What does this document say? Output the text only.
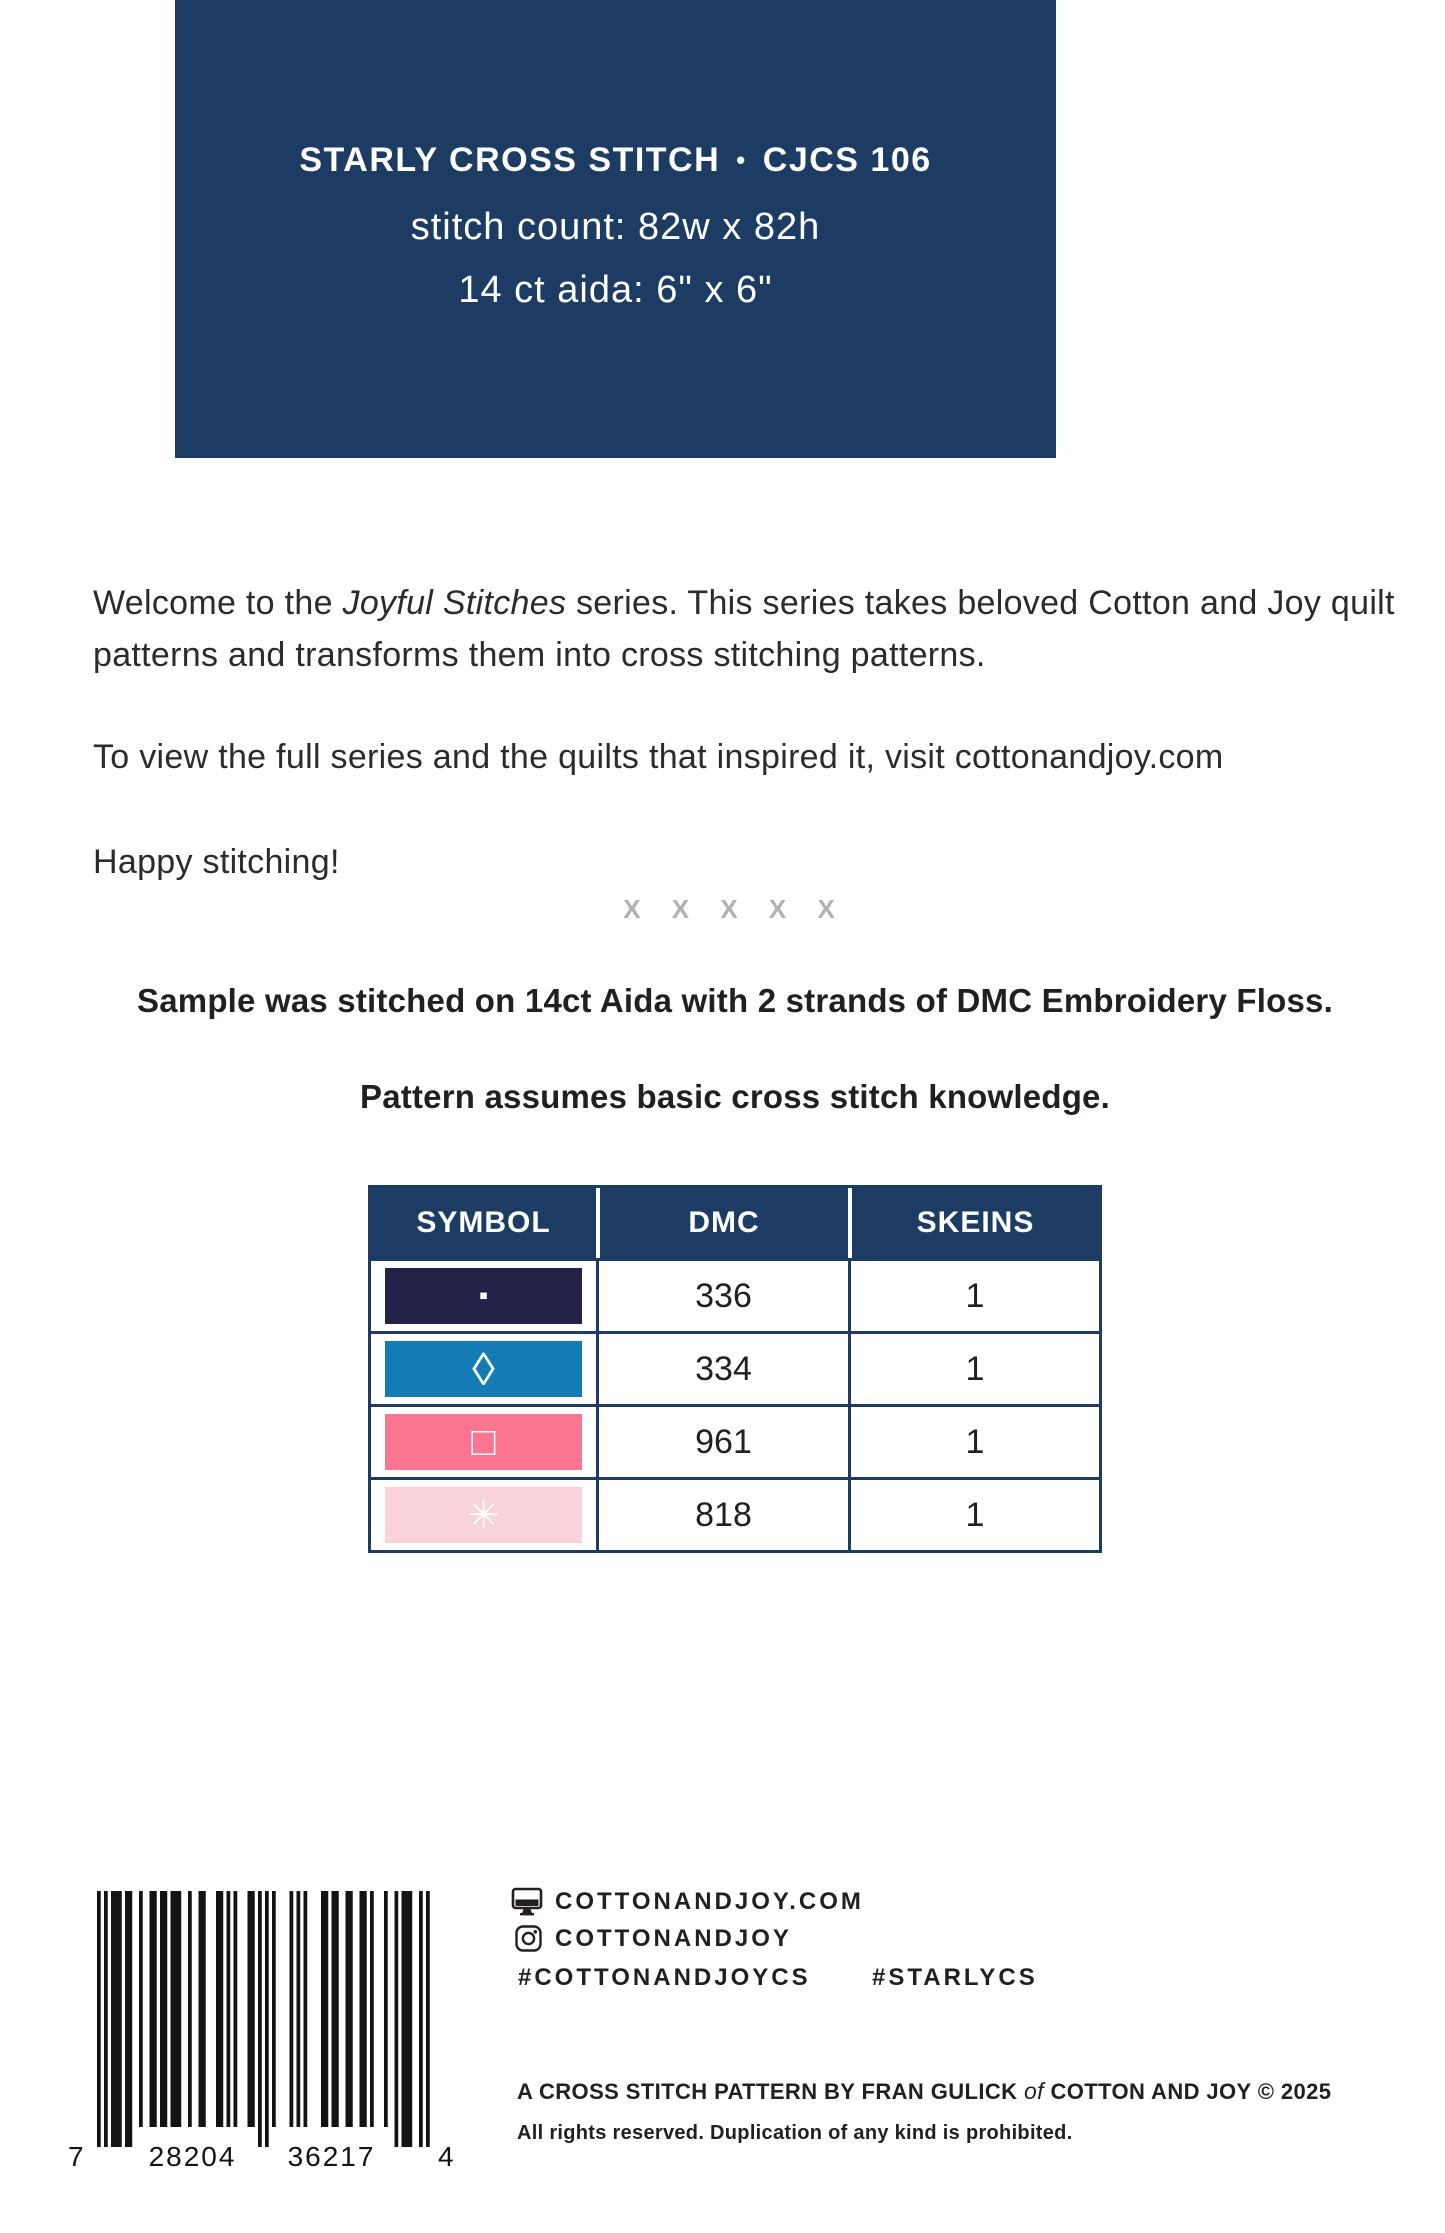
STARLY CROSS STITCH • CJCS 106
stitch count: 82w x 82h
14 ct aida: 6" x 6"
Welcome to the Joyful Stitches series. This series takes beloved Cotton and Joy quilt
patterns and transforms them into cross stitching patterns.
To view the full series and the quilts that inspired it, visit cottonandjoy.com
Happy stitching!
X X X X X
Sample was stitched on 14ct Aida with 2 strands of DMC Embroidery Floss.
Pattern assumes basic cross stitch knowledge.
SYMBOL	DMC	SKEINS
▪	336	1
◊	334	1
□	961	1
✳	818	1
7	28204	36217	4
COTTONANDJOY.COM
COTTONANDJOY
#COTTONANDJOYCS	#STARLYCS
A CROSS STITCH PATTERN BY FRAN GULICK of COTTON AND JOY © 2025
All rights reserved. Duplication of any kind is prohibited.
